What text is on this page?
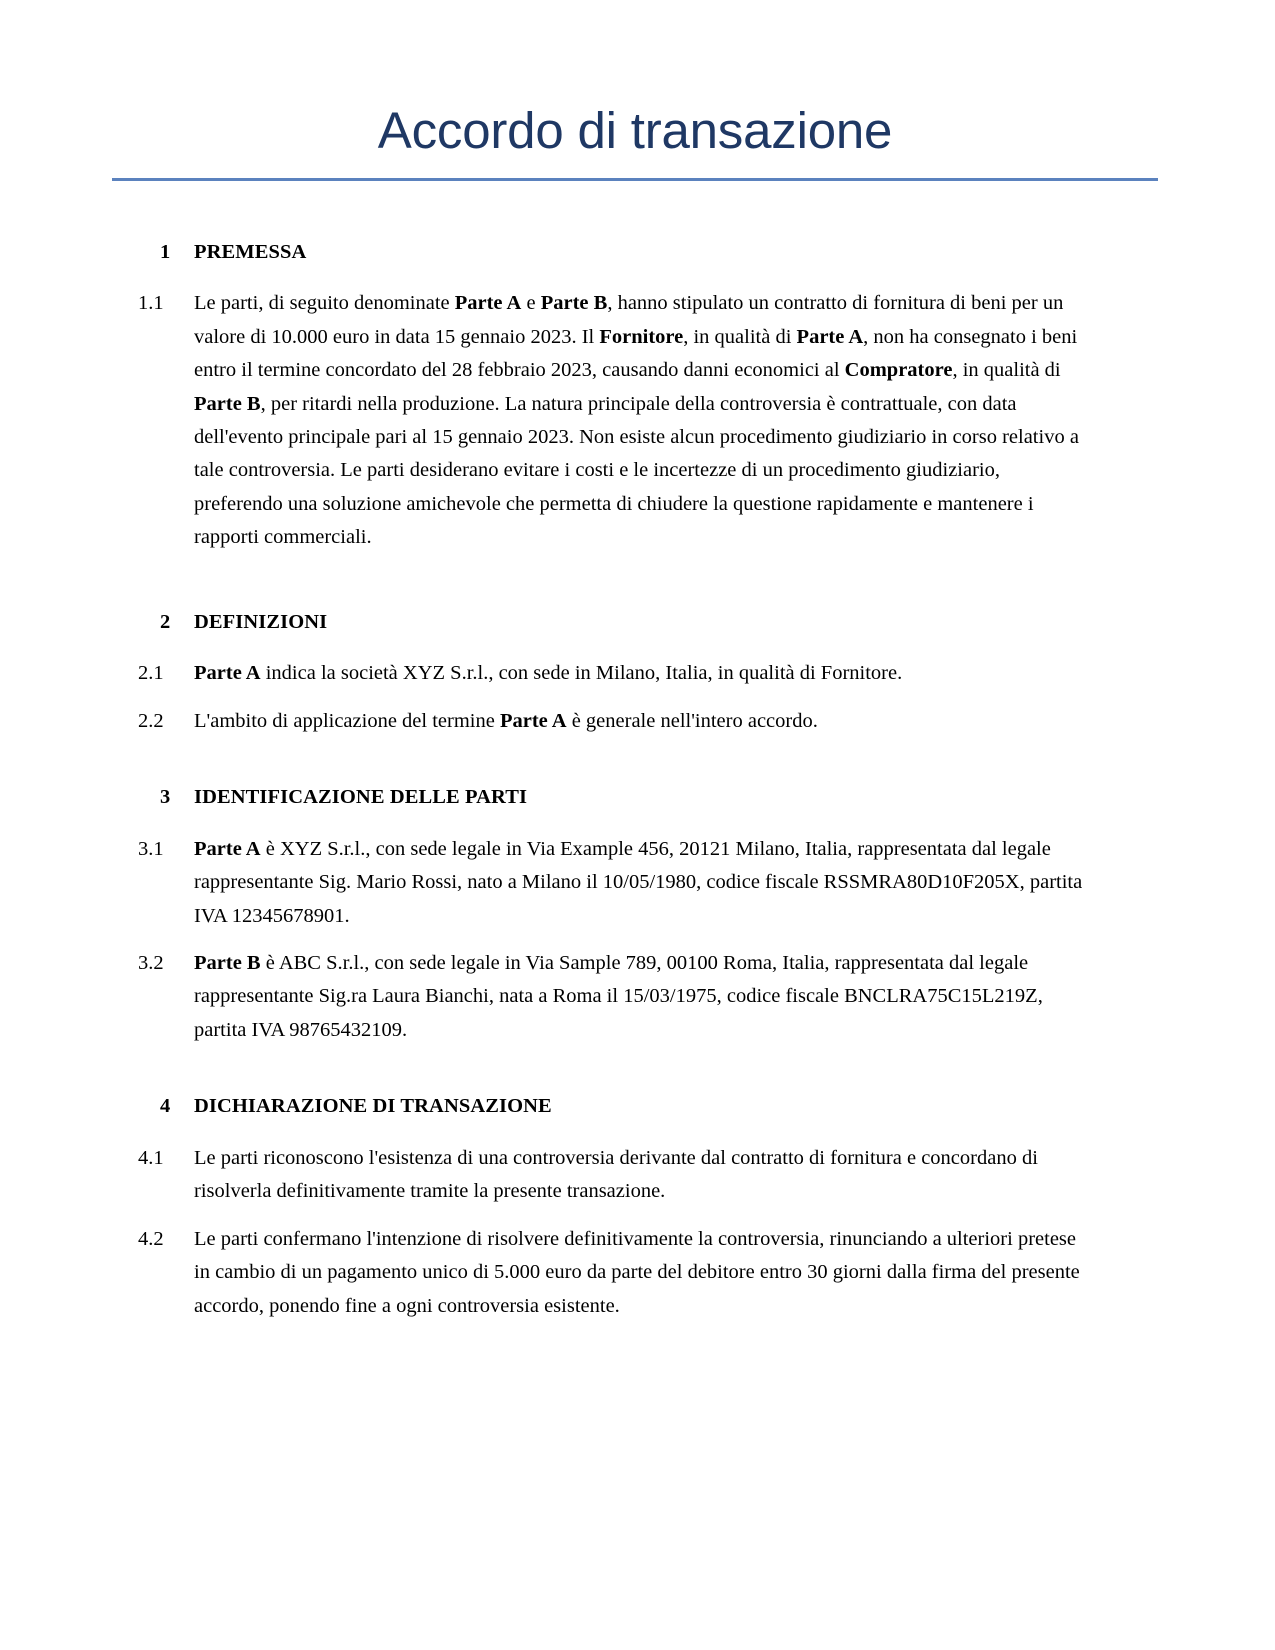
Accordo di transazione
1	PREMESSA
1.1	Le parti, di seguito denominate Parte A e Parte B, hanno stipulato un contratto di fornitura di beni per un valore di 10.000 euro in data 15 gennaio 2023. Il Fornitore, in qualità di Parte A, non ha consegnato i beni entro il termine concordato del 28 febbraio 2023, causando danni economici al Compratore, in qualità di Parte B, per ritardi nella produzione. La natura principale della controversia è contrattuale, con data dell'evento principale pari al 15 gennaio 2023. Non esiste alcun procedimento giudiziario in corso relativo a tale controversia. Le parti desiderano evitare i costi e le incertezze di un procedimento giudiziario, preferendo una soluzione amichevole che permetta di chiudere la questione rapidamente e mantenere i rapporti commerciali.
2	DEFINIZIONI
2.1	Parte A indica la società XYZ S.r.l., con sede in Milano, Italia, in qualità di Fornitore.
2.2	L'ambito di applicazione del termine Parte A è generale nell'intero accordo.
3	IDENTIFICAZIONE DELLE PARTI
3.1	Parte A è XYZ S.r.l., con sede legale in Via Example 456, 20121 Milano, Italia, rappresentata dal legale rappresentante Sig. Mario Rossi, nato a Milano il 10/05/1980, codice fiscale RSSMRA80D10F205X, partita IVA 12345678901.
3.2	Parte B è ABC S.r.l., con sede legale in Via Sample 789, 00100 Roma, Italia, rappresentata dal legale rappresentante Sig.ra Laura Bianchi, nata a Roma il 15/03/1975, codice fiscale BNCLRA75C15L219Z, partita IVA 98765432109.
4	DICHIARAZIONE DI TRANSAZIONE
4.1	Le parti riconoscono l'esistenza di una controversia derivante dal contratto di fornitura e concordano di risolverla definitivamente tramite la presente transazione.
4.2	Le parti confermano l'intenzione di risolvere definitivamente la controversia, rinunciando a ulteriori pretese in cambio di un pagamento unico di 5.000 euro da parte del debitore entro 30 giorni dalla firma del presente accordo, ponendo fine a ogni controversia esistente.
